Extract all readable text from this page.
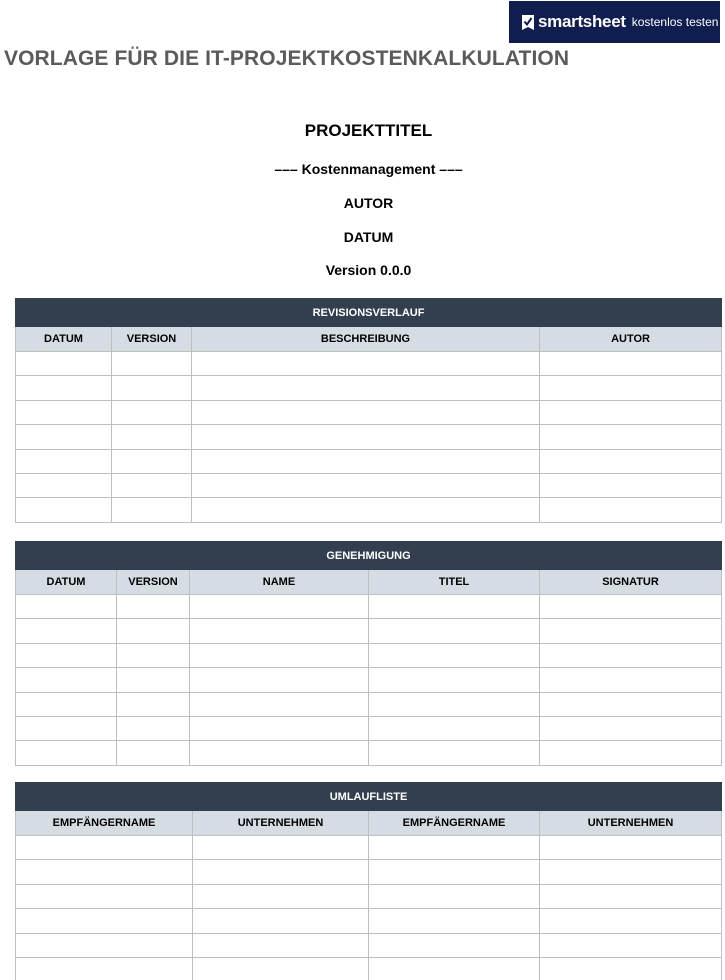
smartsheet kostenlos testen
VORLAGE FÜR DIE IT-PROJEKTKOSTENKALKULATION
PROJEKTTITEL
––– Kostenmanagement –––
AUTOR
DATUM
Version 0.0.0
REVISIONSVERLAUF			
DATUM	VERSION	BESCHREIBUNG	AUTOR

GENEHMIGUNG				
DATUM	VERSION	NAME	TITEL	SIGNATUR

UMLAUFLISTE			
EMPFÄNGERNAME	UNTERNEHMEN	EMPFÄNGERNAME	UNTERNEHMEN
